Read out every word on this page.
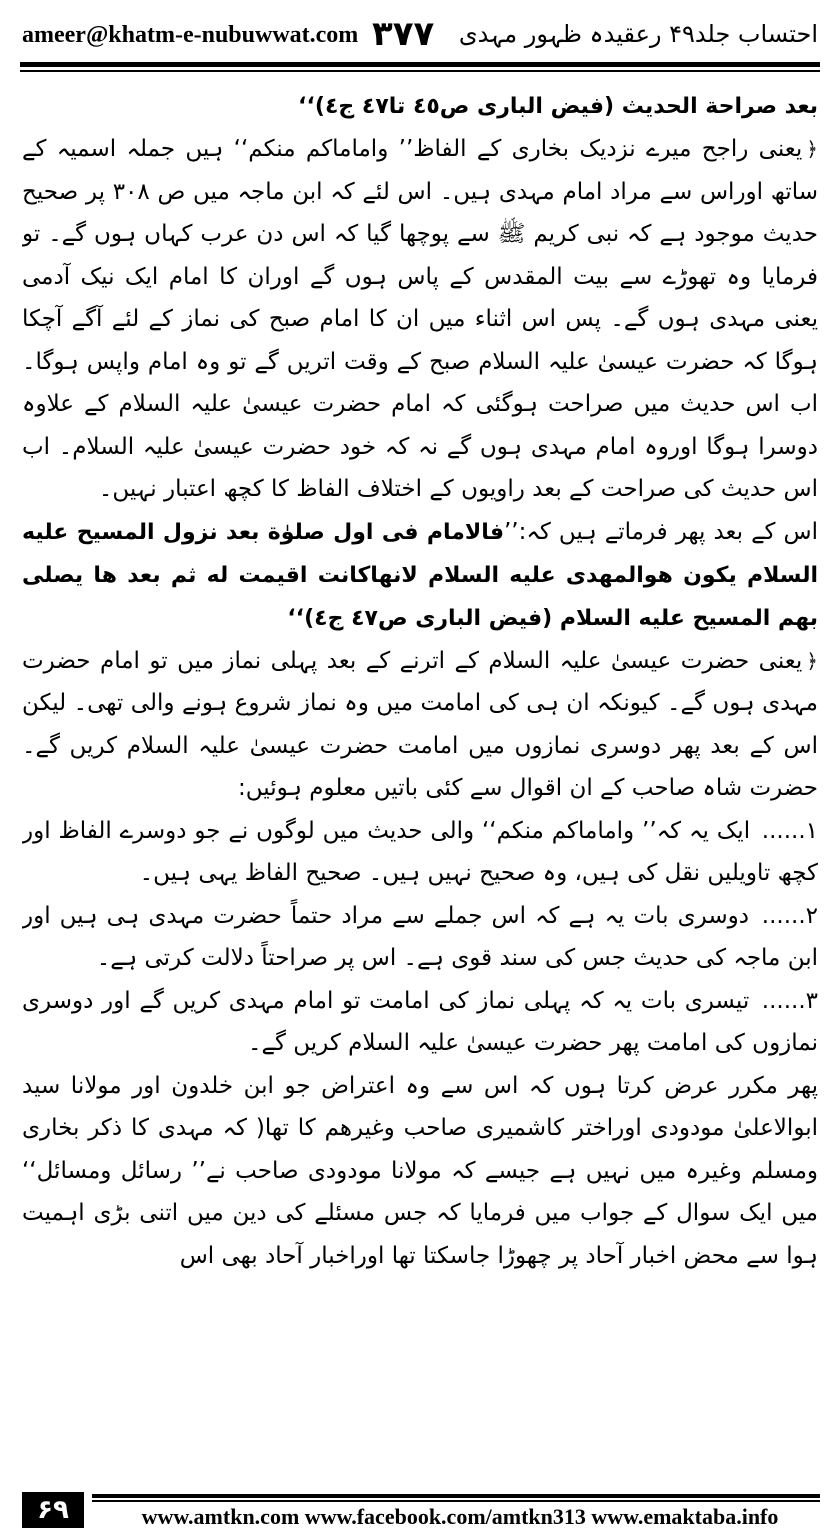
ameer@khatm-e-nubuwwat.com ۳۷۷ احتساب جلد۴۹ رعقیدہ ظہور مہدی

بعد صراحة الحديث (فيض البارى ص٤٥ تا٤٧ ج٤)‘‘

﴿یعنی راجح میرے نزدیک بخاری کے الفاظ’’ واماماکم منکم‘‘ ہیں جملہ اسمیہ کے ساتھ اوراس سے مراد امام مہدی ہیں۔ اس لئے کہ ابن ماجہ میں ص ۳۰۸ پر صحیح حدیث موجود ہے کہ نبی کریم ﷺ سے پوچھا گیا کہ اس دن عرب کہاں ہوں گے۔ تو فرمایا وہ تھوڑے سے بیت المقدس کے پاس ہوں گے اوران کا امام ایک نیک آدمی یعنی مہدی ہوں گے۔ پس اس اثناء میں ان کا امام صبح کی نماز کے لئے آگے آچکا ہوگا کہ حضرت عیسیٰ علیہ السلام صبح کے وقت اتریں گے تو وہ امام واپس ہوگا۔ اب اس حدیث میں صراحت ہوگئی کہ امام حضرت عیسیٰ علیہ السلام کے علاوہ دوسرا ہوگا اوروہ امام مہدی ہوں گے نہ کہ خود حضرت عیسیٰ علیہ السلام۔ اب اس حدیث کی صراحت کے بعد راویوں کے اختلاف الفاظ کا کچھ اعتبار نہیں۔

اس کے بعد پھر فرماتے ہیں کہ:’’فالامام فی اول صلوٰة بعد نزول المسيح عليه السلام يكون هوالمهدی عليه السلام لانهاكانت اقيمت له ثم بعد ها يصلی بهم المسيح عليه السلام (فيض البارى ص٤٧ ج٤)‘‘

﴿یعنی حضرت عیسیٰ علیہ السلام کے اترنے کے بعد پہلی نماز میں تو امام حضرت مہدی ہوں گے۔ کیونکہ ان ہی کی امامت میں وہ نماز شروع ہونے والی تھی۔ لیکن اس کے بعد پھر دوسری نمازوں میں امامت حضرت عیسیٰ علیہ السلام کریں گے۔ حضرت شاہ صاحب کے ان اقوال سے کئی باتیں معلوم ہوئیں:

۱...... ایک یہ کہ’’ واماماکم منکم‘‘ والی حدیث میں لوگوں نے جو دوسرے الفاظ اور کچھ تاویلیں نقل کی ہیں، وہ صحیح نہیں ہیں۔ صحیح الفاظ یہی ہیں۔

۲...... دوسری بات یہ ہے کہ اس جملے سے مراد حتماً حضرت مہدی ہی ہیں اور ابن ماجہ کی حدیث جس کی سند قوی ہے۔ اس پر صراحتاً دلالت کرتی ہے۔

۳...... تیسری بات یہ کہ پہلی نماز کی امامت تو امام مہدی کریں گے اور دوسری نمازوں کی امامت پھر حضرت عیسیٰ علیہ السلام کریں گے۔

پھر مکرر عرض کرتا ہوں کہ اس سے وہ اعتراض جو ابن خلدون اور مولانا سید ابوالاعلیٰ مودودی اوراختر کاشمیری صاحب وغیرھم کا تھا( کہ مہدی کا ذکر بخاری ومسلم وغیرہ میں نہیں ہے جیسے کہ مولانا مودودی صاحب نے’’ رسائل ومسائل‘‘ میں ایک سوال کے جواب میں فرمایا کہ جس مسئلے کی دین میں اتنی بڑی اہمیت ہوا سے محض اخبار آحاد پر چھوڑا جاسکتا تھا اوراخبار آحاد بھی اس

۶۹	www.amtkn.com www.facebook.com/amtkn313 www.emaktaba.info
